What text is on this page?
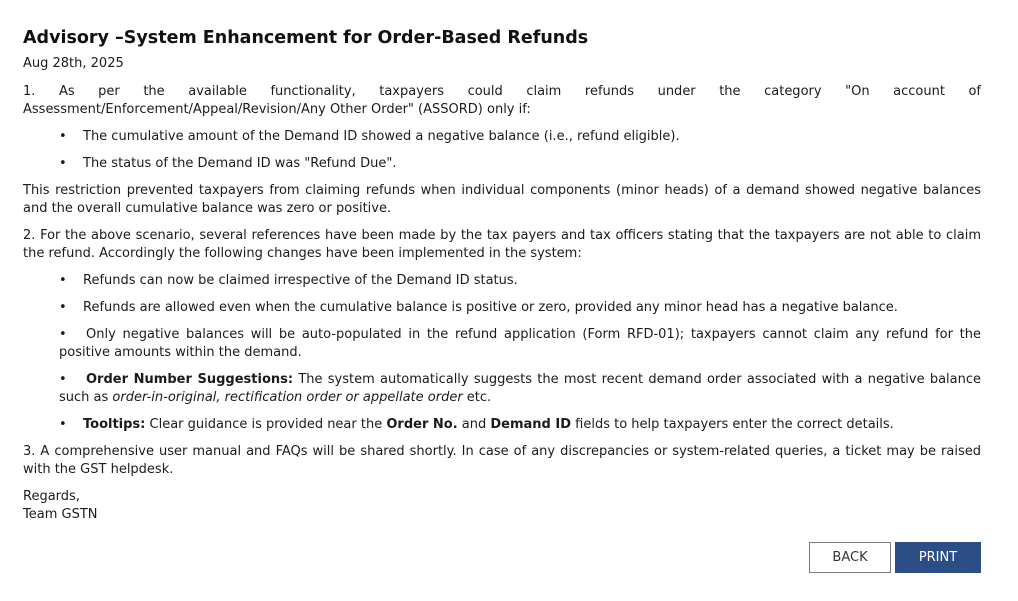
Advisory –System Enhancement for Order-Based Refunds
Aug 28th, 2025

1. As per the available functionality, taxpayers could claim refunds under the category "On account of Assessment/Enforcement/Appeal/Revision/Any Other Order" (ASSORD) only if:

• The cumulative amount of the Demand ID showed a negative balance (i.e., refund eligible).
• The status of the Demand ID was "Refund Due".

This restriction prevented taxpayers from claiming refunds when individual components (minor heads) of a demand showed negative balances and the overall cumulative balance was zero or positive.

2. For the above scenario, several references have been made by the tax payers and tax officers stating that the taxpayers are not able to claim the refund. Accordingly the following changes have been implemented in the system:

• Refunds can now be claimed irrespective of the Demand ID status.
• Refunds are allowed even when the cumulative balance is positive or zero, provided any minor head has a negative balance.
• Only negative balances will be auto-populated in the refund application (Form RFD-01); taxpayers cannot claim any refund for the positive amounts within the demand.
• Order Number Suggestions: The system automatically suggests the most recent demand order associated with a negative balance such as order-in-original, rectification order or appellate order etc.
• Tooltips: Clear guidance is provided near the Order No. and Demand ID fields to help taxpayers enter the correct details.

3. A comprehensive user manual and FAQs will be shared shortly. In case of any discrepancies or system-related queries, a ticket may be raised with the GST helpdesk.

Regards,
Team GSTN
BACK	PRINT
